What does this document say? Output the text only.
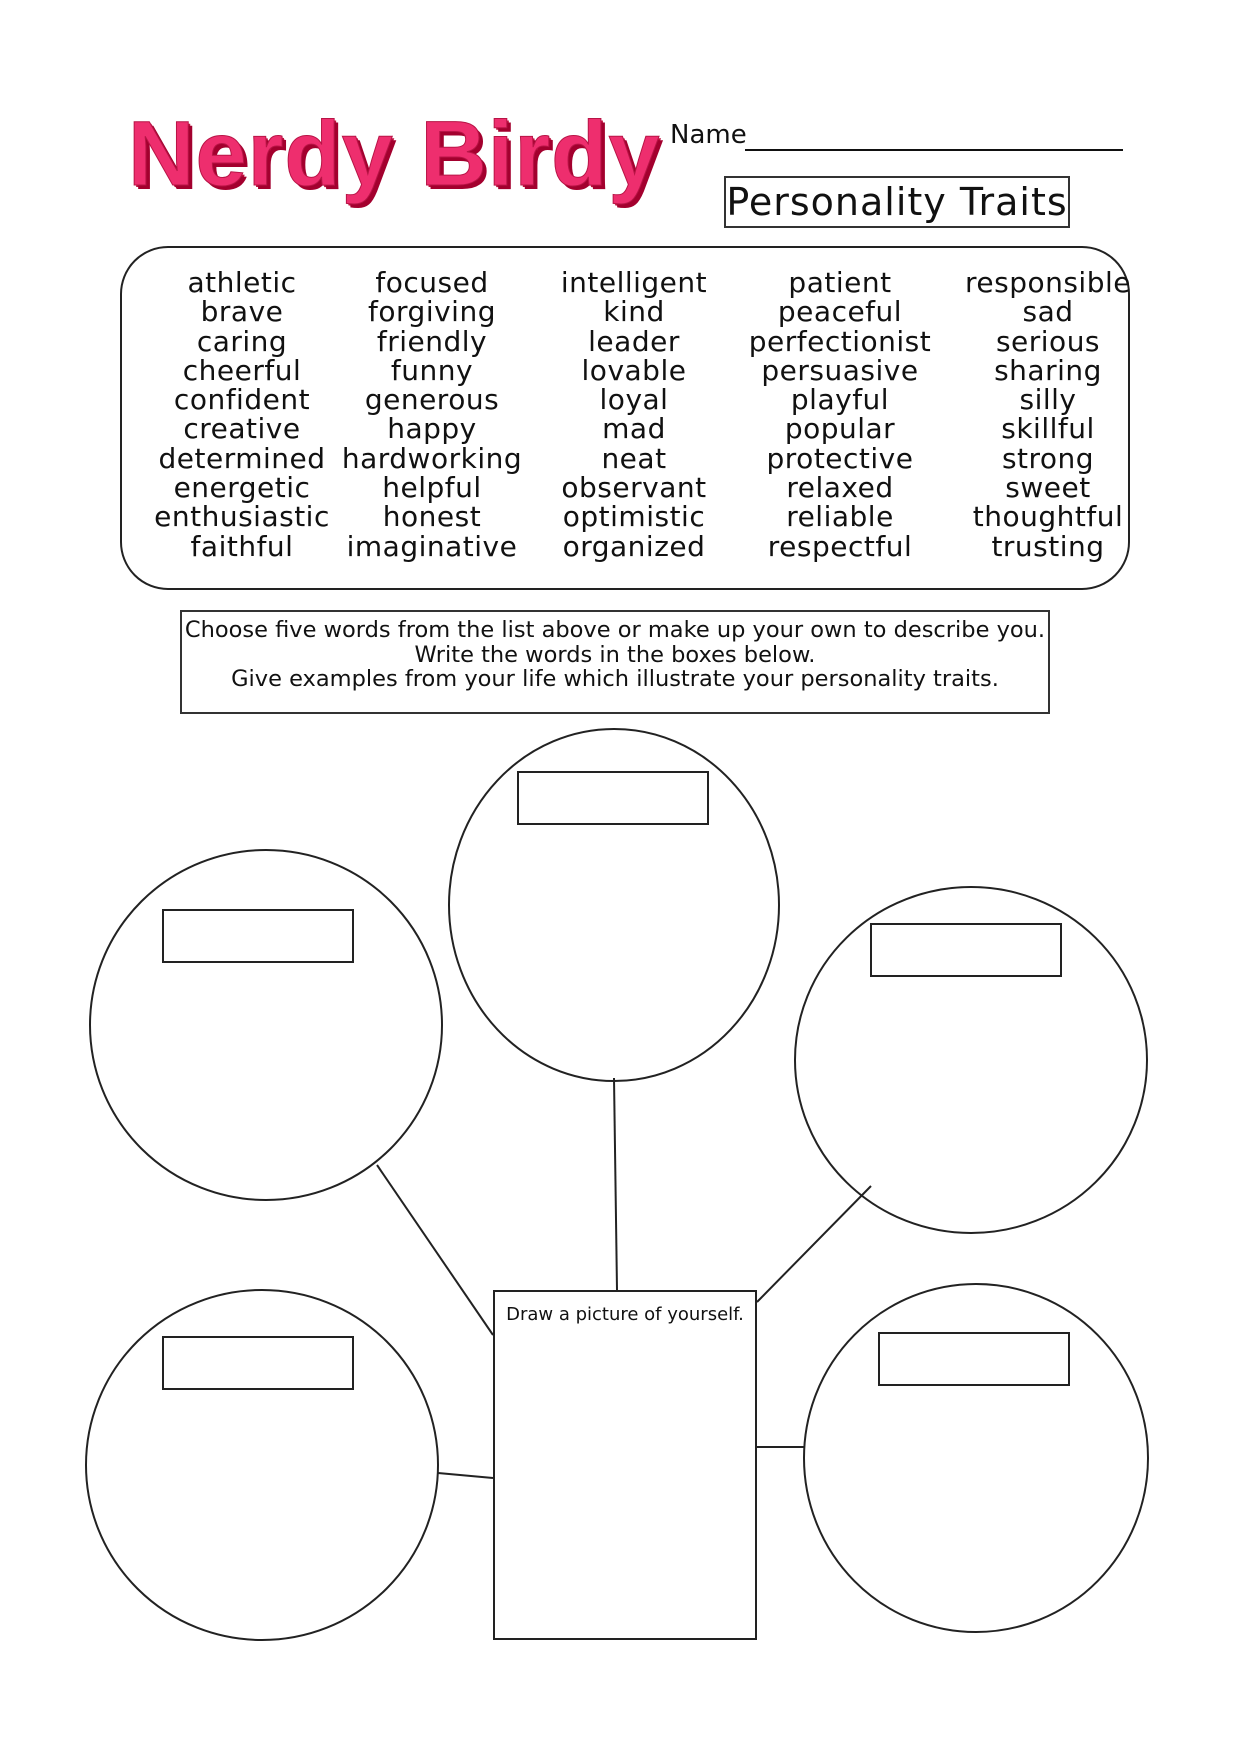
Nerdy Birdy Name
Personality Traits
athletic
brave
caring
cheerful
confident
creative
determined
energetic
enthusiastic
faithful
focused
forgiving
friendly
funny
generous
happy
hardworking
helpful
honest
imaginative
intelligent
kind
leader
lovable
loyal
mad
neat
observant
optimistic
organized
patient
peaceful
perfectionist
persuasive
playful
popular
protective
relaxed
reliable
respectful
responsible
sad
serious
sharing
silly
skillful
strong
sweet
thoughtful
trusting
Choose five words from the list above or make up your own to describe you.
Write the words in the boxes below.
Give examples from your life which illustrate your personality traits.
Draw a picture of yourself.
